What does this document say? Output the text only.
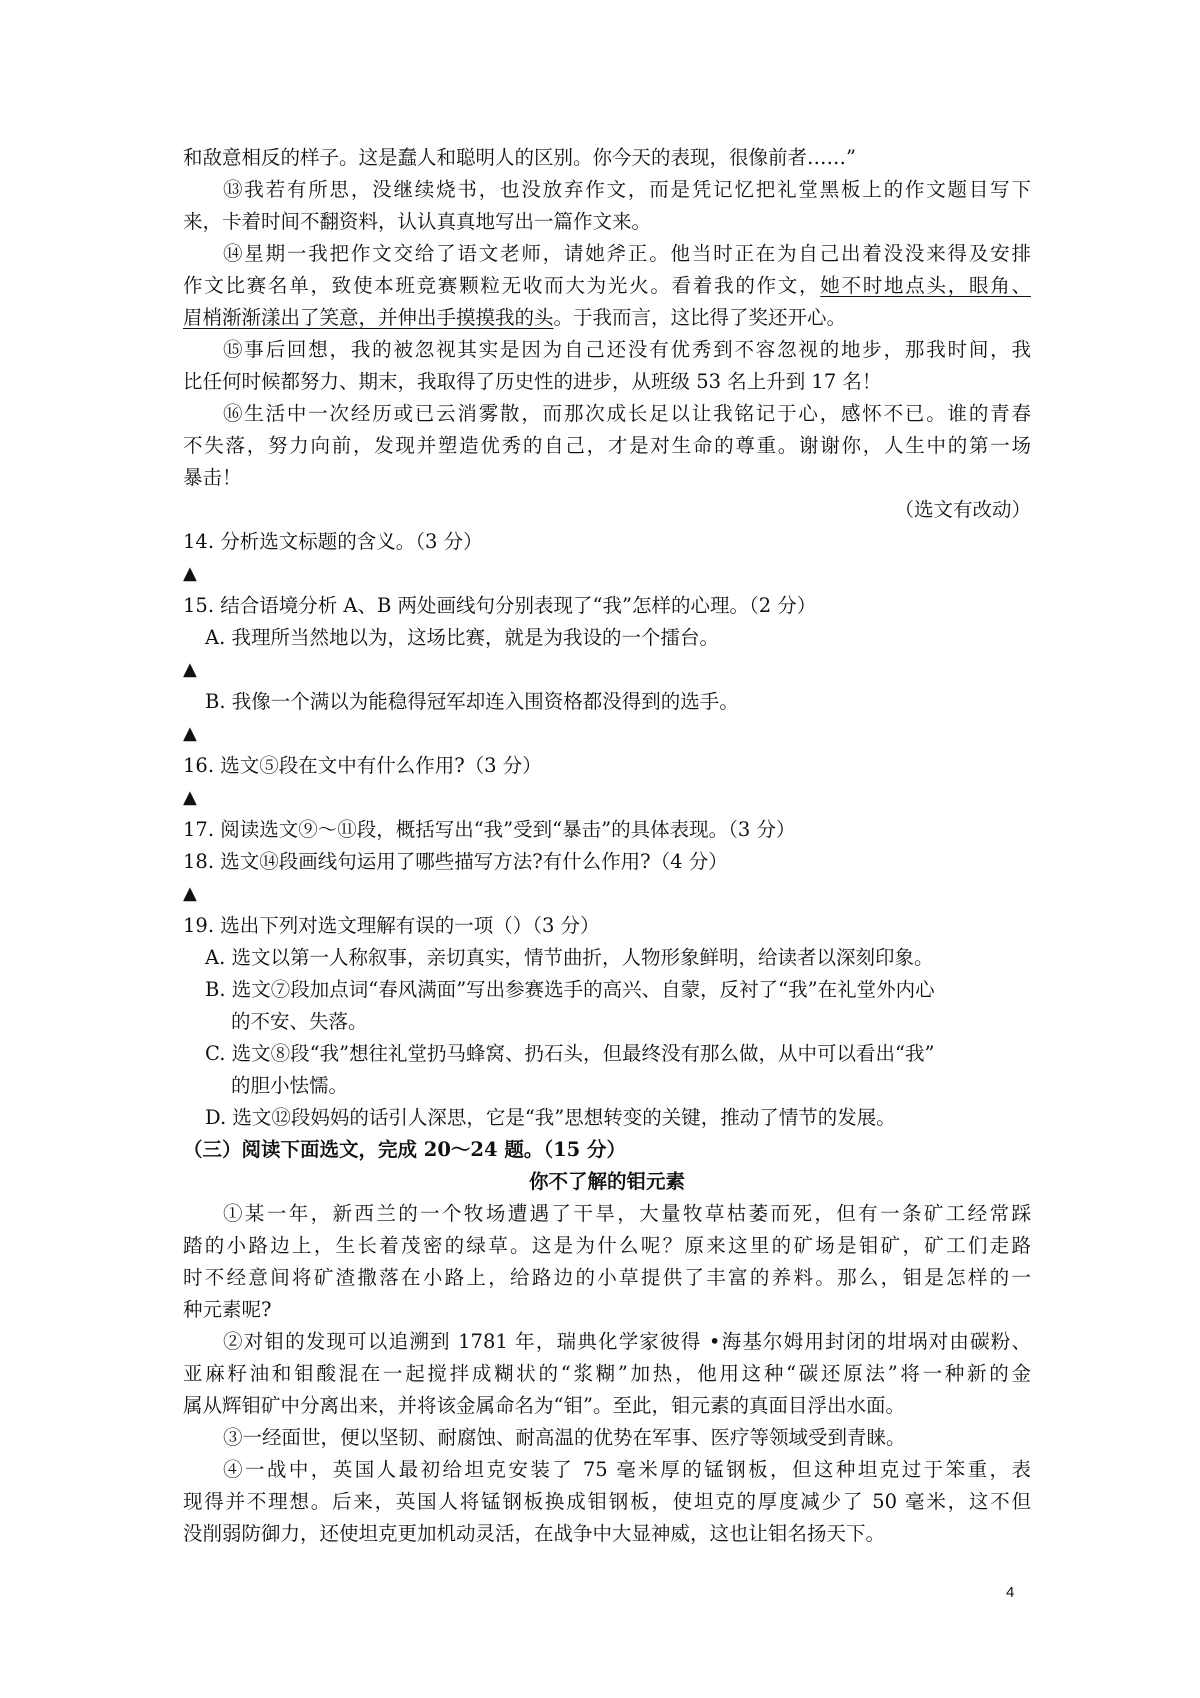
和敌意相反的样子。这是蠢人和聪明人的区别。你今天的表现，很像前者……”
⑬我若有所思，没继续烧书，也没放弃作文，而是凭记忆把礼堂黑板上的作文题目写下
来，卡着时间不翻资料，认认真真地写出一篇作文来。
⑭星期一我把作文交给了语文老师，请她斧正。他当时正在为自己出着没没来得及安排
作文比赛名单，致使本班竞赛颗粒无收而大为光火。看着我的作文，她不时地点头，眼角、
眉梢渐渐漾出了笑意，并伸出手摸摸我的头。于我而言，这比得了奖还开心。
⑮事后回想，我的被忽视其实是因为自己还没有优秀到不容忽视的地步，那我时间，我
比任何时候都努力、期末，我取得了历史性的进步，从班级 53 名上升到 17 名！
⑯生活中一次经历或已云消雾散，而那次成长足以让我铭记于心，感怀不已。谁的青春
不失落，努力向前，发现并塑造优秀的自己，才是对生命的尊重。谢谢你，人生中的第一场
暴击！
（选文有改动）
14. 分析选文标题的含义。（3 分）
▲
15. 结合语境分析 A、B 两处画线句分别表现了“我”怎样的心理。（2 分）
A. 我理所当然地以为，这场比赛，就是为我设的一个擂台。
▲
B. 我像一个满以为能稳得冠军却连入围资格都没得到的选手。
▲
16. 选文⑤段在文中有什么作用?（3 分）
▲
17. 阅读选文⑨～⑪段，概括写出“我”受到“暴击”的具体表现。（3 分）
18. 选文⑭段画线句运用了哪些描写方法?有什么作用?（4 分）
▲
19. 选出下列对选文理解有误的一项（）（3 分）
A. 选文以第一人称叙事，亲切真实，情节曲折，人物形象鲜明，给读者以深刻印象。
B. 选文⑦段加点词“春风满面”写出参赛选手的高兴、自蒙，反衬了“我”在礼堂外内心
的不安、失落。
C. 选文⑧段“我”想往礼堂扔马蜂窝、扔石头，但最终没有那么做，从中可以看出“我”
的胆小怯懦。
D. 选文⑫段妈妈的话引人深思，它是“我”思想转变的关键，推动了情节的发展。
（三）阅读下面选文，完成 20～24 题。（15 分）
你不了解的钼元素
①某一年，新西兰的一个牧场遭遇了干旱，大量牧草枯萎而死，但有一条矿工经常踩
踏的小路边上，生长着茂密的绿草。这是为什么呢？原来这里的矿场是钼矿，矿工们走路
时不经意间将矿渣撒落在小路上，给路边的小草提供了丰富的养料。那么，钼是怎样的一
种元素呢?
②对钼的发现可以追溯到 1781 年，瑞典化学家彼得 •海基尔姆用封闭的坩埚对由碳粉、
亚麻籽油和钼酸混在一起搅拌成糊状的“浆糊”加热，他用这种“碳还原法”将一种新的金
属从辉钼矿中分离出来，并将该金属命名为“钼”。至此，钼元素的真面目浮出水面。
③一经面世，便以坚韧、耐腐蚀、耐高温的优势在军事、医疗等领域受到青睐。
④一战中，英国人最初给坦克安装了 75 毫米厚的锰钢板，但这种坦克过于笨重，表
现得并不理想。后来，英国人将锰钢板换成钼钢板，使坦克的厚度减少了 50 毫米，这不但
没削弱防御力，还使坦克更加机动灵活，在战争中大显神威，这也让钼名扬天下。
4
